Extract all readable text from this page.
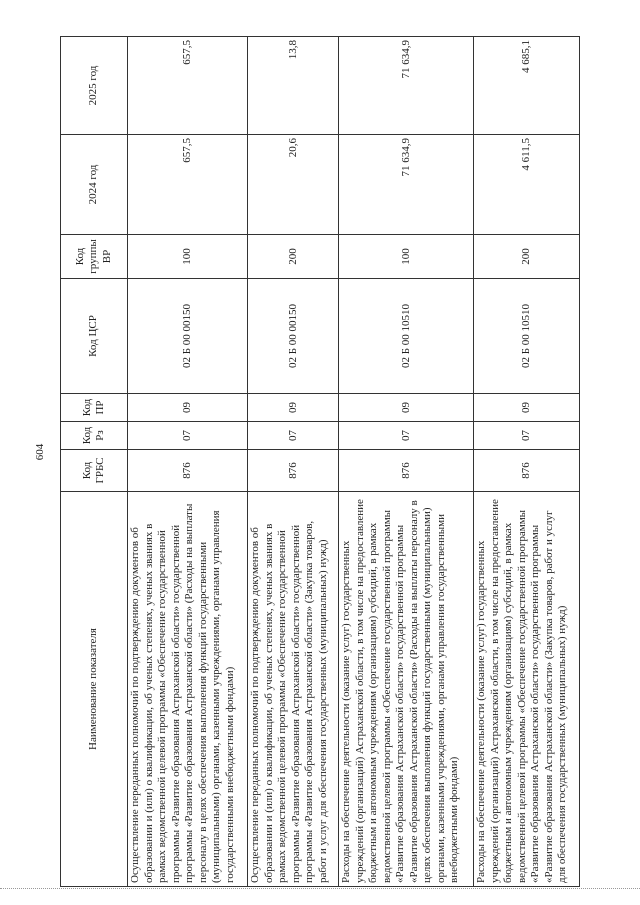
604
Наименование показателя	Код ГРБС	Код Рз	Код ПР	Код ЦСР	Код группы ВР	2024 год	2025 год
Осуществление переданных полномочий по подтверждению документов об образовании и (или) о квалификации, об ученых степенях, ученых званиях в рамках ведомственной целевой программы «Обеспечение государственной программы «Развитие образования Астраханской области» государственной программы «Развитие образования Астраханской области» (Расходы на выплаты персоналу в целях обеспечения выполнения функций государственными (муниципальными) органами, казенными учреждениями, органами управления государственными внебюджетными фондами)	876	07	09	02 Б 00 00150	100	657,5	657,5
Осуществление переданных полномочий по подтверждению документов об образовании и (или) о квалификации, об ученых степенях, ученых званиях в рамках ведомственной целевой программы «Обеспечение государственной программы «Развитие образования Астраханской области» государственной программы «Развитие образования Астраханской области» (Закупка товаров, работ и услуг для обеспечения государственных (муниципальных) нужд)	876	07	09	02 Б 00 00150	200	20,6	13,8
Расходы на обеспечение деятельности (оказание услуг) государственных учреждений (организаций) Астраханской области, в том числе на предоставление бюджетным и автономным учреждениям (организациям) субсидий, в рамках ведомственной целевой программы «Обеспечение государственной программы «Развитие образования Астраханской области» государственной программы «Развитие образования Астраханской области» (Расходы на выплаты персоналу в целях обеспечения выполнения функций государственными (муниципальными) органами, казенными учреждениями, органами управления государственными внебюджетными фондами)	876	07	09	02 Б 00 10510	100	71 634,9	71 634,9
Расходы на обеспечение деятельности (оказание услуг) государственных учреждений (организаций) Астраханской области, в том числе на предоставление бюджетным и автономным учреждениям (организациям) субсидий, в рамках ведомственной целевой программы «Обеспечение государственной программы «Развитие образования Астраханской области» государственной программы «Развитие образования Астраханской области» (Закупка товаров, работ и услуг для обеспечения государственных (муниципальных) нужд)	876	07	09	02 Б 00 10510	200	4 611,5	4 685,1
